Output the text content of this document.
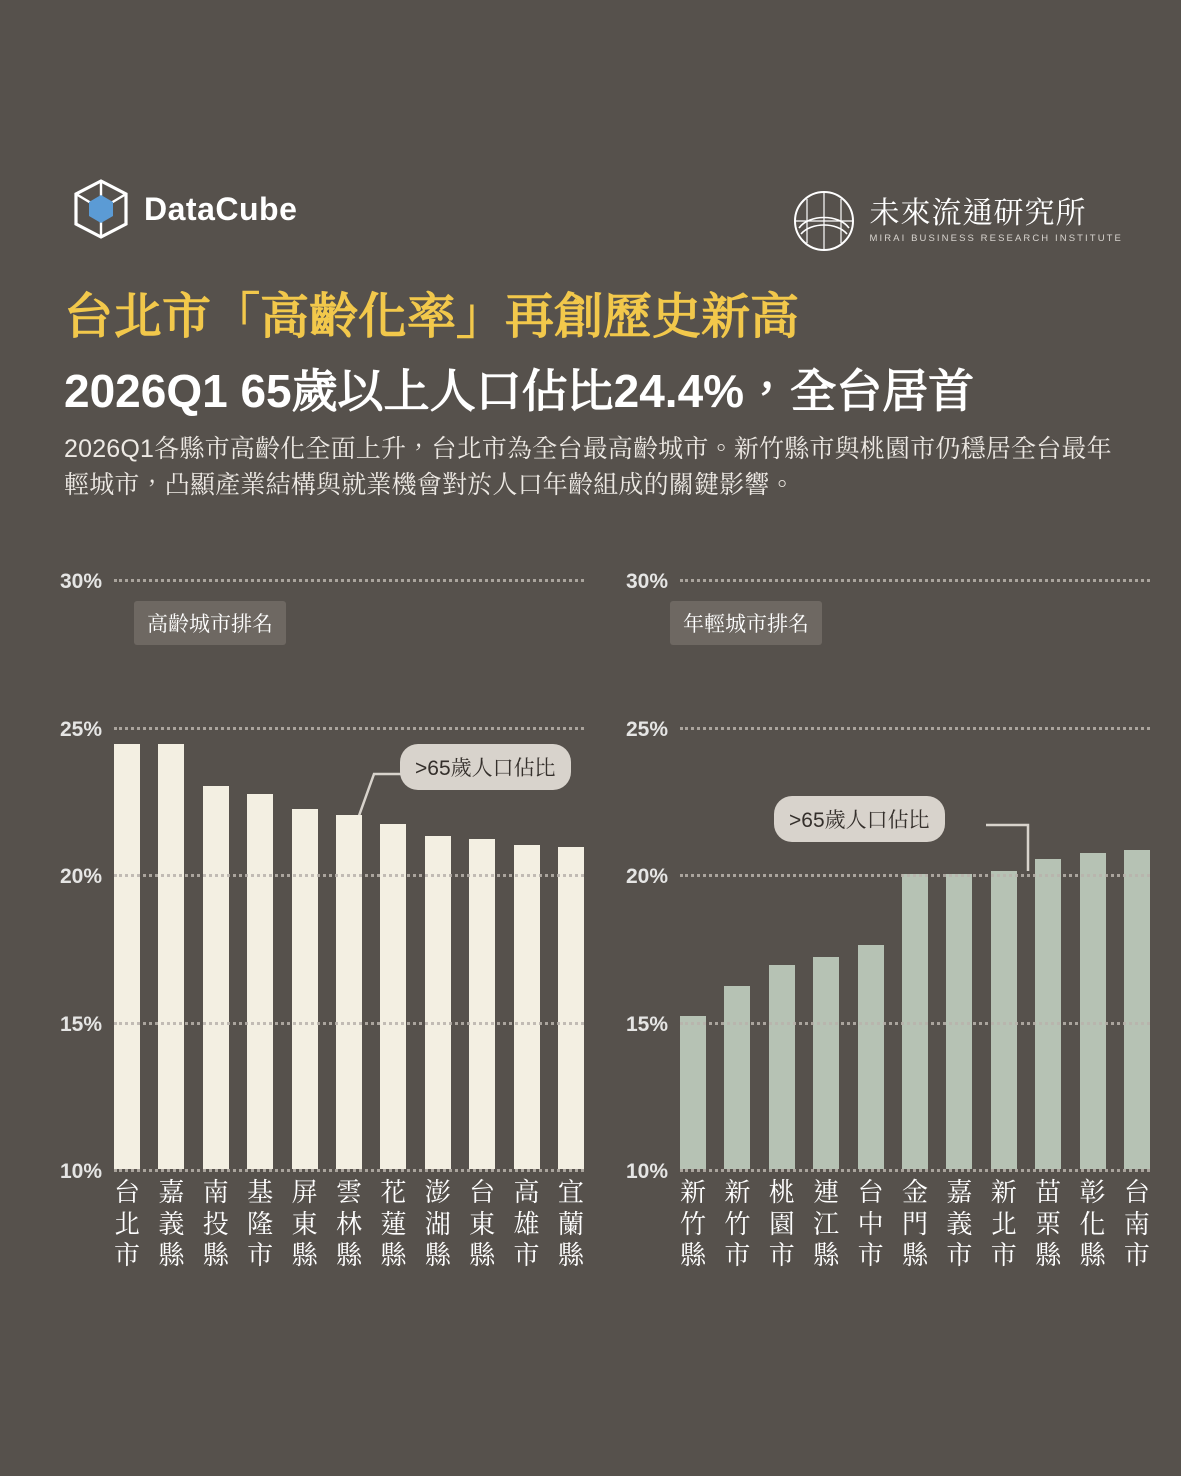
DataCube	未來流通研究所
MIRAI BUSINESS RESEARCH INSTITUTE
台北市「高齡化率」再創歷史新高
2026Q1 65歲以上人口佔比24.4%，全台居首
2026Q1各縣市高齡化全面上升，台北市為全台最高齡城市。新竹縣市與桃園市仍穩居全台最年輕城市，凸顯產業結構與就業機會對於人口年齡組成的關鍵影響。
高齡城市排名
>65歲人口佔比
10%
15%
20%
25%
30%
台
北
市
嘉
義
縣
南
投
縣
基
隆
市
屏
東
縣
雲
林
縣
花
蓮
縣
澎
湖
縣
台
東
縣
高
雄
市
宜
蘭
縣
年輕城市排名
>65歲人口佔比
10%
15%
20%
25%
30%
新
竹
縣
新
竹
市
桃
園
市
連
江
縣
台
中
市
金
門
縣
嘉
義
市
新
北
市
苗
栗
縣
彰
化
縣
台
南
市
